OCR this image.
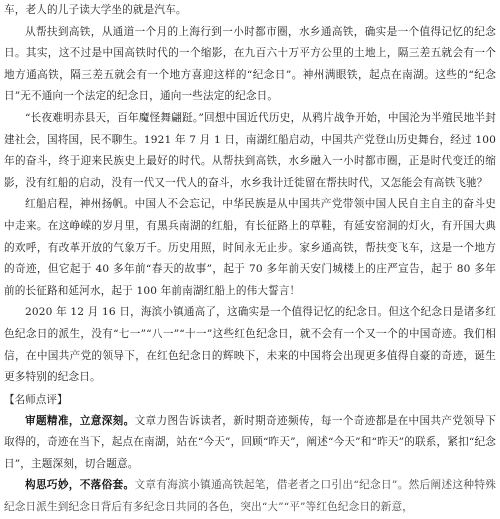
车，老人的儿子读大学坐的就是汽车。

从帮扶到高铁，从通道一个月的上海行到一小时都市圈，水乡通高铁，确实是一个值得记忆的纪念日。其实，这不过是中国高铁时代的一个缩影，在九百六十万平方公里的土地上，隔三差五就会有一个地方通高铁，隔三差五就会有一个地方喜迎这样的“纪念日”。神州满眼铁，起点在南湖。这些的“纪念日”无不通向一个法定的纪念日，通向一些法定的纪念日。

“长夜难明赤县天，百年魔怪舞翩跹。”回想中国近代历史，从鸦片战争开始，中国沦为半殖民地半封建社会，国将国，民不聊生。1921 年 7 月 1 日，南湖红船启动，中国共产党登山历史舞台，经过 100 年的奋斗，终于迎来民族史上最好的时代。从帮扶到高铁，水乡融入一小时都市圈，正是时代变迁的缩影，没有红船的启动，没有一代又一代人的奋斗，水乡我计迁徙留在帮扶时代，又怎能会有高铁飞驰？

红船启程，神州扬帆。中国人不会忘记，中华民族是从中国共产党带领中国人民自主自主的奋斗史中走来。在这峥嵘的岁月里，有黑兵南湖的红船，有长征路上的草鞋，有延安窑洞的灯火，有开国大典的欢呼，有改革开放的气象万千。历史用照，时间永无止步。家乡通高铁，帮扶变飞车，这是一个地方的奇迹，但它起于 40 多年前“春天的故事”，起于 70 多年前天安门城楼上的庄严宣告，起于 80 多年前的长征路和延河水，起于 100 年前南湖红船上的伟大誓言！

2020 年 12 月 16 日，海滨小镇通高了，这确实是一个值得记忆的纪念日。但这个纪念日是诸多红色纪念日的派生，没有“七一”“八一”“十一”这些红色纪念日，就不会有一个又一个的中国奇迹。我们相信，在中国共产党的领导下，在红色纪念日的辉映下，未来的中国将会出现更多值得自豪的奇迹，诞生更多特别的纪念日。

【名师点评】

审题精准，立意深刻。文章力图告诉读者，新时期奇迹频传，每一个奇迹都是在中国共产党领导下取得的，奇迹在当下，起点在南湖，站在“今天”，回顾“昨天”，阐述“今天”和“昨天”的联系，紧扣“纪念日”，主题深刻，切合题意。

构思巧妙，不落俗套。文章有海滨小镇通高铁起笔，借老者之口引出“纪念日”。然后阐述这种特殊纪念日派生到纪念日背后有多纪念日共同的各色，突出“大”“平”等红色纪念日的新意，
